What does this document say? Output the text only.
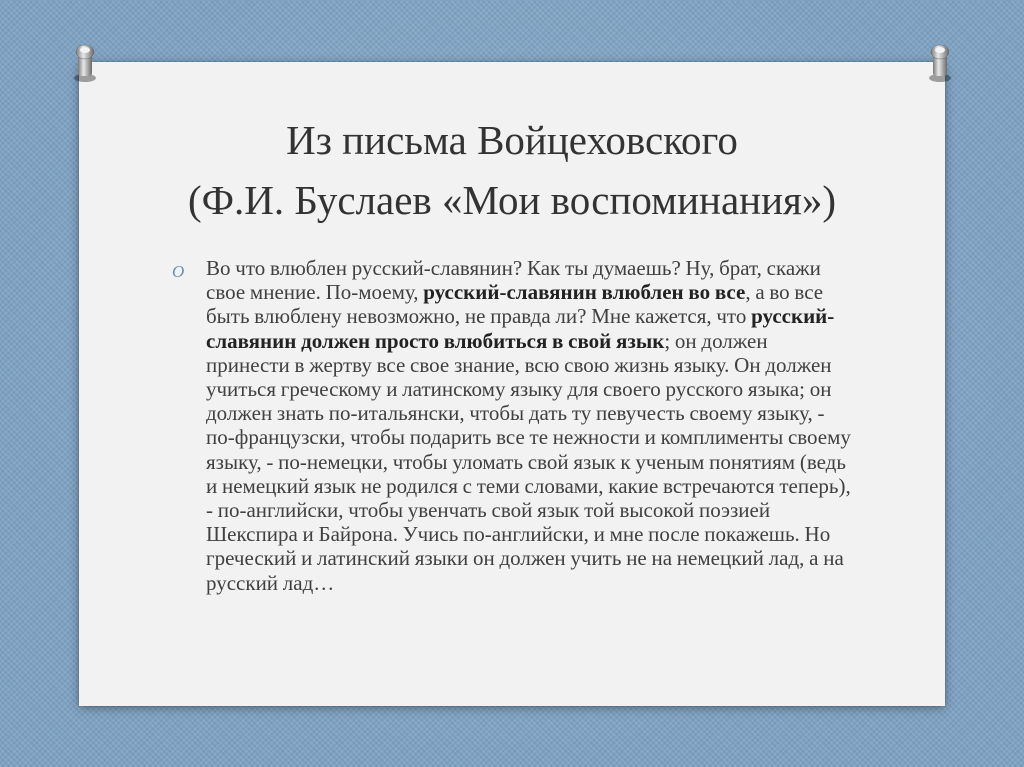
Из письма Войцеховского
(Ф.И. Буслаев «Мои воспоминания»)
O Во что влюблен русский-славянин? Как ты думаешь? Ну, брат, скажи свое мнение. По-моему, русский-славянин влюблен во все, а во все быть влюблену невозможно, не правда ли? Мне кажется, что русский-славянин должен просто влюбиться в свой язык; он должен принести в жертву все свое знание, всю свою жизнь языку. Он должен учиться греческому и латинскому языку для своего русского языка; он должен знать по-итальянски, чтобы дать ту певучесть своему языку, - по-французски, чтобы подарить все те нежности и комплименты своему языку, - по-немецки, чтобы уломать свой язык к ученым понятиям (ведь и немецкий язык не родился с теми словами, какие встречаются теперь), - по-английски, чтобы увенчать свой язык той высокой поэзией Шекспира и Байрона. Учись по-английски, и мне после покажешь. Но греческий и латинский языки он должен учить не на немецкий лад, а на русский лад…
